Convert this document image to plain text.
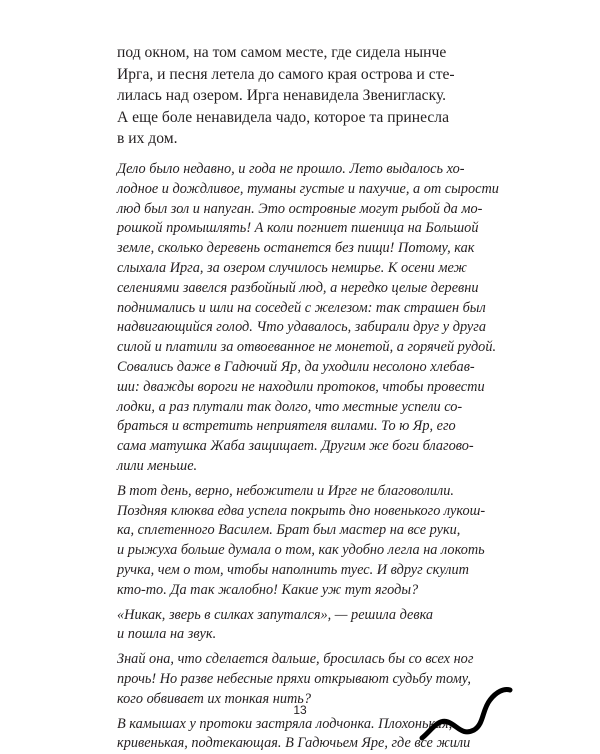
под окном, на том самом месте, где сидела нынче
Ирга, и песня летела до самого края острова и сте-
лилась над озером. Ирга ненавидела Звениглаcку.
А еще боле ненавидела чадо, которое та принесла
в их дом.

Дело было недавно, и года не прошло. Лето выдалось хо-
лодное и дождливое, туманы густые и пахучие, а от сырости
люд был зол и напуган. Это островные могут рыбой да мо-
рошкой промышлять! А коли погниет пшеница на Большой
земле, сколько деревень останется без пищи! Потому, как
слыхала Ирга, за озером случилось немирье. К осени меж
селениями завелся разбойный люд, а нередко целые деревни
поднимались и шли на соседей с железом: так страшен был
надвигающийся голод. Что удавалось, забирали друг у друга
силой и платили за отвоеванное не монетой, а горячей рудой.
Совались даже в Гадючий Яр, да уходили несолоно хлебав-
ши: дважды вороги не находили протоков, чтобы провести
лодки, а раз плутали так долго, что местные успели со-
браться и встретить неприятеля вилами. То ю Яр, его
сама матушка Жаба защищает. Другим же боги благово-
лили меньше.

В тот день, верно, небожители и Ирге не благоволили.
Поздняя клюква едва успела покрыть дно новенького лукош-
ка, сплетенного Василем. Брат был мастер на все руки,
и рыжуха больше думала о том, как удобно легла на локоть
ручка, чем о том, чтобы наполнить туес. И вдруг скулит
кто-то. Да так жалобно! Какие уж тут ягоды?

«Никак, зверь в силках запутался», — решила девка
и пошла на звук.

Знай она, что сделается дальше, бросилась бы со всех ног
прочь! Но разве небесные пряхи открывают судьбу тому,
кого обвивает их тонкая нить?

В камышах у протоки застряла лодчонка. Плохонькая,
кривенькая, подтекающая. В Гадючьем Яре, где все жили

13
